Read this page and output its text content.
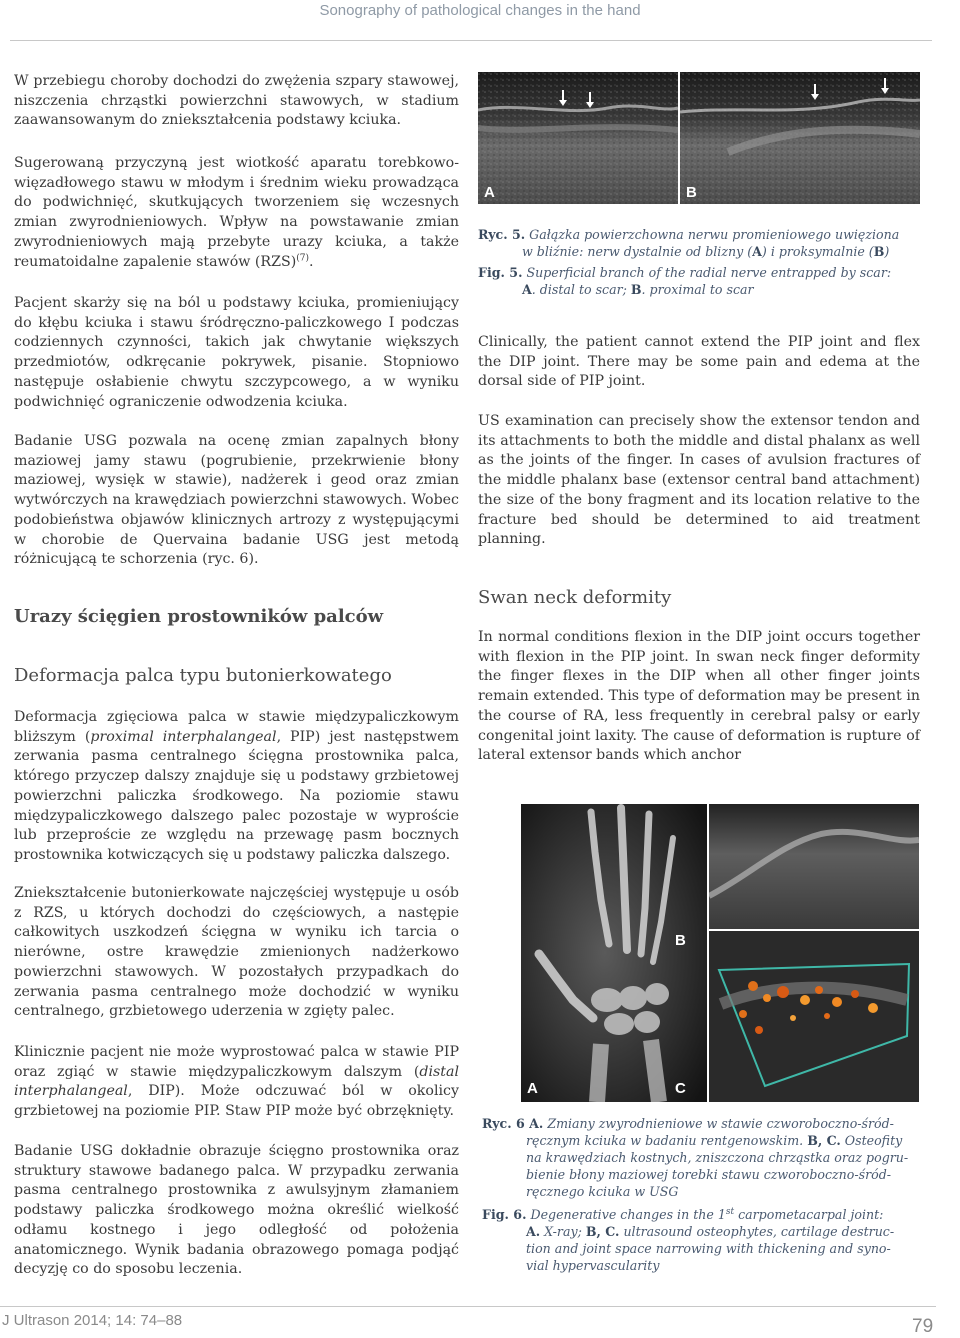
Sonography of pathological changes in the hand

W przebiegu choroby dochodzi do zwężenia szpary stawowej, niszczenia chrząstki powierzchni stawowych, w stadium zaawansowanym do zniekształcenia podstawy kciuka.

Sugerowaną przyczyną jest wiotkość aparatu torebkowo-więzadłowego stawu w młodym i średnim wieku prowadząca do podwichnięć, skutkujących tworzeniem się wczesnych zmian zwyrodnieniowych. Wpływ na powstawanie zmian zwyrodnieniowych mają przebyte urazy kciuka, a także reumatoidalne zapalenie stawów (RZS)$^{(7)}$.

Pacjent skarży się na ból u podstawy kciuka, promieniujący do kłębu kciuka i stawu śródręczno-paliczkowego I podczas codziennych czynności, takich jak chwytanie większych przedmiotów, odkręcanie pokrywek, pisanie. Stopniowo następuje osłabienie chwytu szczypcowego, a w wyniku podwichnięć ograniczenie odwodzenia kciuka.

Badanie USG pozwala na ocenę zmian zapalnych błony maziowej jamy stawu (pogrubienie, przekrwienie błony maziowej, wysięk w stawie), nadżerek i geod oraz zmian wytwórczych na krawędziach powierzchni stawowych. Wobec podobieństwa objawów klinicznych artrozy z występującymi w chorobie de Quervaina badanie USG jest metodą różnicującą te schorzenia (ryc. 6).

Urazy ścięgien prostowników palców
Deformacja palca typu butonierkowatego

Deformacja zgięciowa palca w stawie międzypaliczkowym bliższym (proximal interphalangeal, PIP) jest następstwem zerwania pasma centralnego ścięgna prostownika palca, którego przyczep dalszy znajduje się u podstawy grzbietowej powierzchni paliczka środkowego. Na poziomie stawu międzypaliczkowego dalszego palec pozostaje w wyproście lub przeproście ze względu na przewagę pasm bocznych prostownika kotwiczących się u podstawy paliczka dalszego.

Zniekształcenie butonierkowate najczęściej występuje u osób z RZS, u których dochodzi do częściowych, a następie całkowitych uszkodzeń ścięgna w wyniku ich tarcia o nierówne, ostre krawędzie zmienionych nadżerkowo powierzchni stawowych. W pozostałych przypadkach do zerwania pasma centralnego może dochodzić w wyniku centralnego, grzbietowego uderzenia w zgięty palec.

Klinicznie pacjent nie może wyprostować palca w stawie PIP oraz zgiąć w stawie międzypaliczkowym dalszym (distal interphalangeal, DIP). Może odczuwać ból w okolicy grzbietowej na poziomie PIP. Staw PIP może być obrzęknięty.

Badanie USG dokładnie obrazuje ścięgno prostownika oraz struktury stawowe badanego palca. W przypadku zerwania pasma centralnego prostownika z awulsyjnym złamaniem podstawy paliczka środkowego można określić wielkość odłamu kostnego i jego odległość od położenia anatomicznego. Wynik badania obrazowego pomaga podjąć decyzję co do sposobu leczenia.

A	B
Ryc. 5. Gałązka powierzchowna nerwu promieniowego uwięziona
w bliźnie: nerw dystalnie od blizny (A) i proksymalnie (B)
Fig. 5. Superficial branch of the radial nerve entrapped by scar:
A. distal to scar; B. proximal to scar

Clinically, the patient cannot extend the PIP joint and flex the DIP joint. There may be some pain and edema at the dorsal side of PIP joint.

US examination can precisely show the extensor tendon and its attachments to both the middle and distal phalanx as well as the joints of the finger. In cases of avulsion fractures of the middle phalanx base (extensor central band attachment) the size of the bony fragment and its location relative to the fracture bed should be determined to aid treatment planning.

Swan neck deformity

In normal conditions flexion in the DIP joint occurs together with flexion in the PIP joint. In swan neck finger deformity the finger flexes in the DIP when all other finger joints remain extended. This type of deformation may be present in the course of RA, less frequently in cerebral palsy or early congenital joint laxity. The cause of deformation is rupture of lateral extensor bands which anchor

A
B
C
Ryc. 6 A. Zmiany zwyrodnieniowe w stawie czworoboczno-śród-
ręcznym kciuka w badaniu rentgenowskim. B, C. Osteofity
na krawędziach kostnych, zniszczona chrząstka oraz pogru-
bienie błony maziowej torebki stawu czworoboczno-śród-
ręcznego kciuka w USG
Fig. 6. Degenerative changes in the 1st carpometacarpal joint:
A. X-ray; B, C. ultrasound osteophytes, cartilage destruc-
tion and joint space narrowing with thickening and syno-
vial hypervascularity
J Ultrason 2014; 14: 74–88	79
